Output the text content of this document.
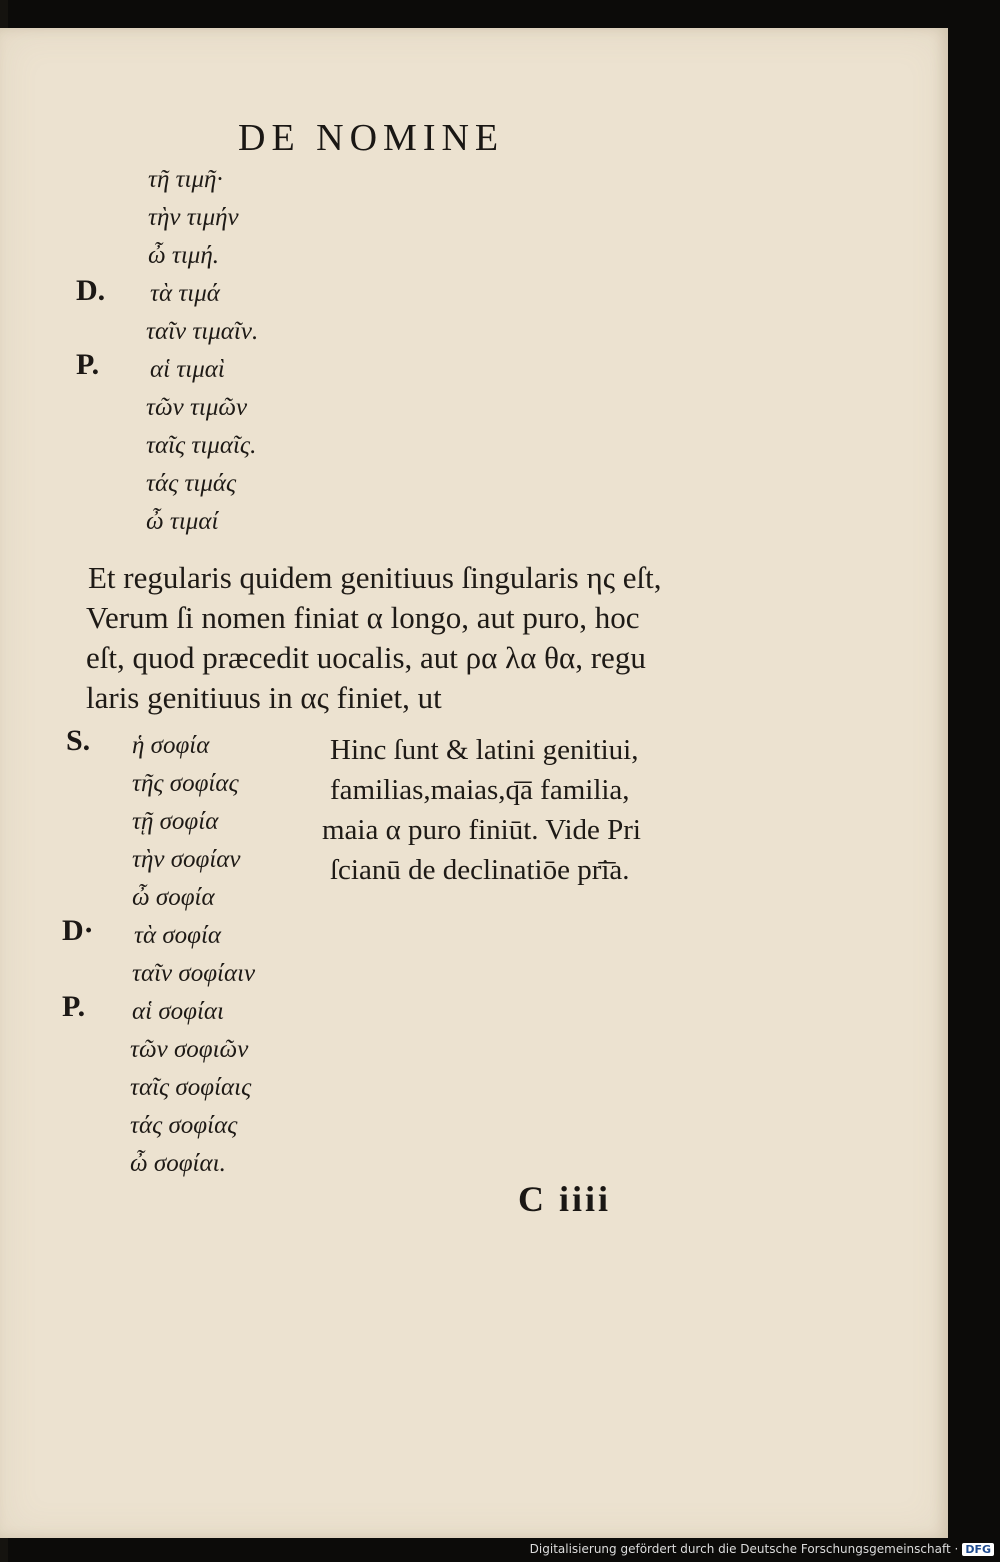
DE NOMINE
τῆ τιμῆ·
τὴν τιμήν
ὦ τιμή.
D. τὰ τιμά
ταῖν τιμαῖν.
P. αἱ τιμαὶ
τῶν τιμῶν
ταῖς τιμαῖς.
τάς τιμάς
ὦ τιμαί
Et regularis quidem genitiuus ſingularis ης eſt,
Verum ſi nomen finiat α longo, aut puro, hoc
eſt, quod præcedit uocalis, aut ρα λα θα, regu
laris genitiuus in ας finiet, ut
S. ἡ σοφία
τῆς σοφίας
τῇ σοφία
τὴν σοφίαν
ὦ σοφία
D· τὰ σοφία
ταῖν σοφίαιν
P. αἱ σοφίαι
τῶν σοφιῶν
ταῖς σοφίαις
τάς σοφίας
ὦ σοφίαι.
Hinc ſunt & latini genitiui,
familias,maias,q͞a familia,
maia α puro finiūt. Vide Pri
ſcianū de declinatiōe pr͞ia.
C iiii
Digitalisierung gefördert durch die Deutsche Forschungsgemeinschaft · DFG
